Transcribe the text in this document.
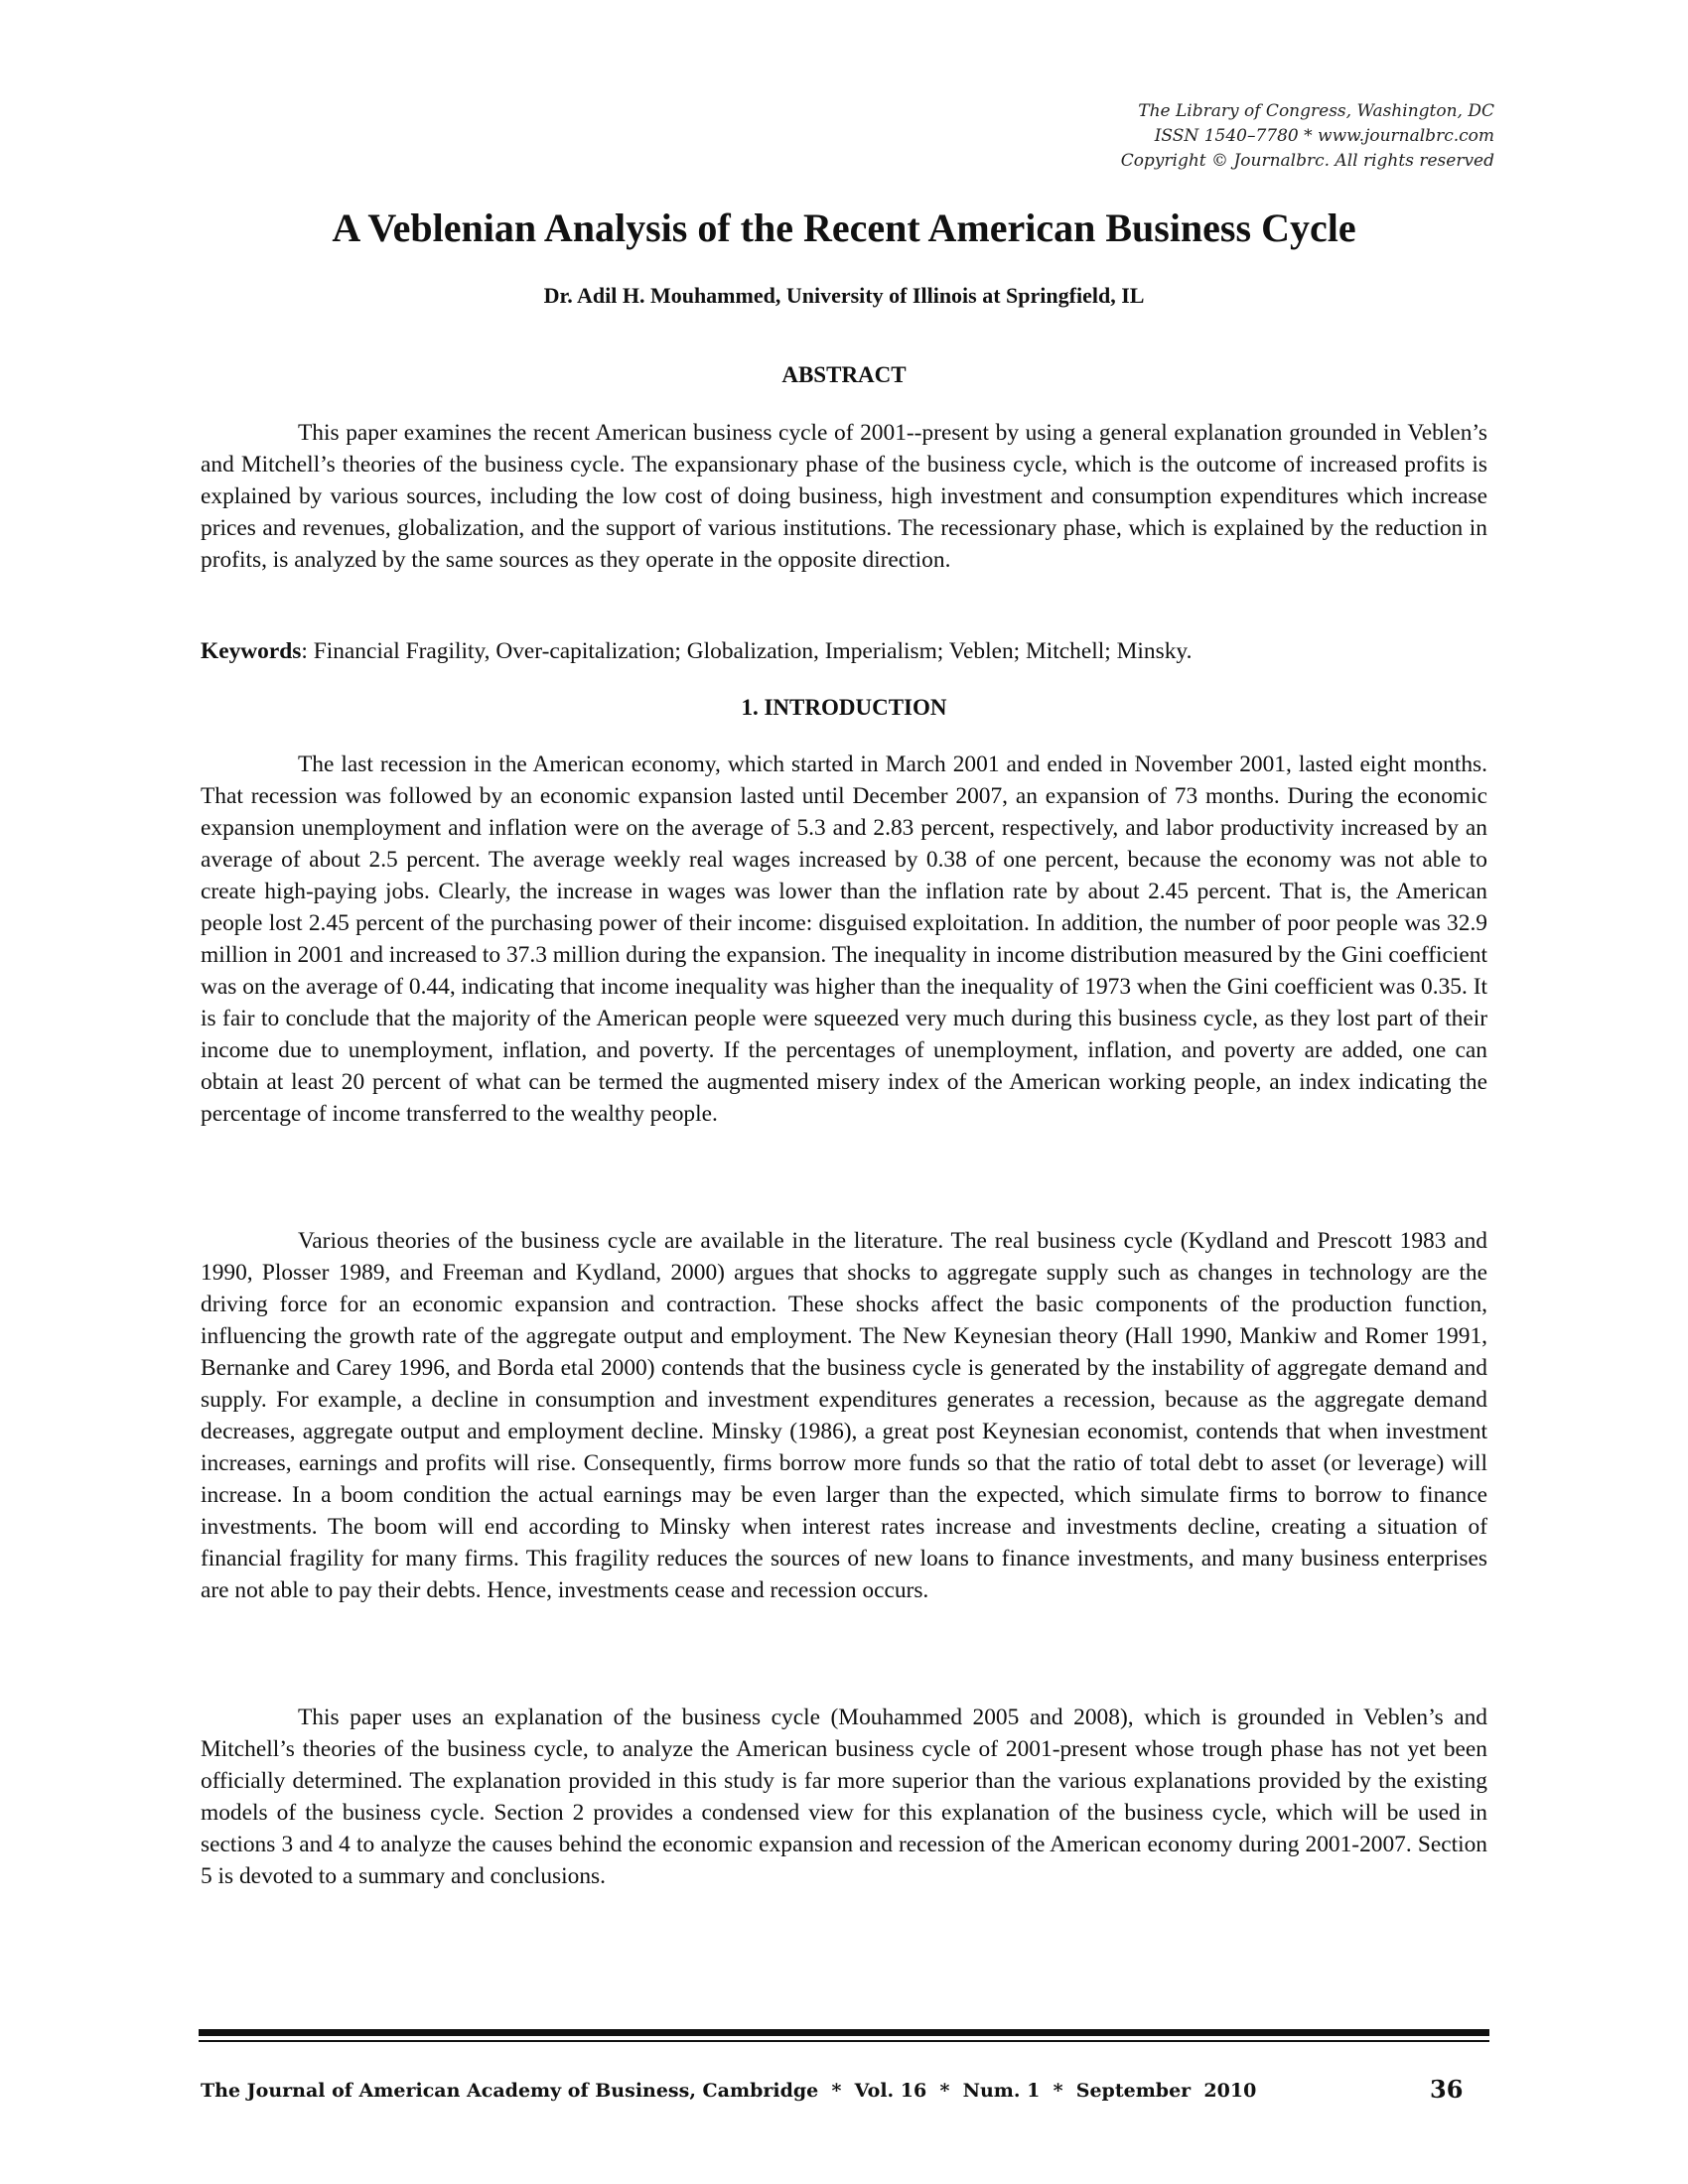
The Library of Congress, Washington, DC
ISSN 1540–7780 * www.journalbrc.com
Copyright © Journalbrc. All rights reserved
A Veblenian Analysis of the Recent American Business Cycle
Dr. Adil H. Mouhammed, University of Illinois at Springfield, IL
ABSTRACT

This paper examines the recent American business cycle of 2001--present by using a general explanation grounded in Veblen’s and Mitchell’s theories of the business cycle. The expansionary phase of the business cycle, which is the outcome of increased profits is explained by various sources, including the low cost of doing business, high investment and consumption expenditures which increase prices and revenues, globalization, and the support of various institutions. The recessionary phase, which is explained by the reduction in profits, is analyzed by the same sources as they operate in the opposite direction.

Keywords: Financial Fragility, Over-capitalization; Globalization, Imperialism; Veblen; Mitchell; Minsky.
1. INTRODUCTION

The last recession in the American economy, which started in March 2001 and ended in November 2001, lasted eight months. That recession was followed by an economic expansion lasted until December 2007, an expansion of 73 months. During the economic expansion unemployment and inflation were on the average of 5.3 and 2.83 percent, respectively, and labor productivity increased by an average of about 2.5 percent. The average weekly real wages increased by 0.38 of one percent, because the economy was not able to create high-paying jobs. Clearly, the increase in wages was lower than the inflation rate by about 2.45 percent. That is, the American people lost 2.45 percent of the purchasing power of their income: disguised exploitation. In addition, the number of poor people was 32.9 million in 2001 and increased to 37.3 million during the expansion. The inequality in income distribution measured by the Gini coefficient was on the average of 0.44, indicating that income inequality was higher than the inequality of 1973 when the Gini coefficient was 0.35. It is fair to conclude that the majority of the American people were squeezed very much during this business cycle, as they lost part of their income due to unemployment, inflation, and poverty. If the percentages of unemployment, inflation, and poverty are added, one can obtain at least 20 percent of what can be termed the augmented misery index of the American working people, an index indicating the percentage of income transferred to the wealthy people.

Various theories of the business cycle are available in the literature. The real business cycle (Kydland and Prescott 1983 and 1990, Plosser 1989, and Freeman and Kydland, 2000) argues that shocks to aggregate supply such as changes in technology are the driving force for an economic expansion and contraction. These shocks affect the basic components of the production function, influencing the growth rate of the aggregate output and employment. The New Keynesian theory (Hall 1990, Mankiw and Romer 1991, Bernanke and Carey 1996, and Borda etal 2000) contends that the business cycle is generated by the instability of aggregate demand and supply. For example, a decline in consumption and investment expenditures generates a recession, because as the aggregate demand decreases, aggregate output and employment decline. Minsky (1986), a great post Keynesian economist, contends that when investment increases, earnings and profits will rise. Consequently, firms borrow more funds so that the ratio of total debt to asset (or leverage) will increase. In a boom condition the actual earnings may be even larger than the expected, which simulate firms to borrow to finance investments. The boom will end according to Minsky when interest rates increase and investments decline, creating a situation of financial fragility for many firms. This fragility reduces the sources of new loans to finance investments, and many business enterprises are not able to pay their debts. Hence, investments cease and recession occurs.

This paper uses an explanation of the business cycle (Mouhammed 2005 and 2008), which is grounded in Veblen’s and Mitchell’s theories of the business cycle, to analyze the American business cycle of 2001-present whose trough phase has not yet been officially determined. The explanation provided in this study is far more superior than the various explanations provided by the existing models of the business cycle. Section 2 provides a condensed view for this explanation of the business cycle, which will be used in sections 3 and 4 to analyze the causes behind the economic expansion and recession of the American economy during 2001-2007. Section 5 is devoted to a summary and conclusions.

The Journal of American Academy of Business, Cambridge  *  Vol. 16  *  Num. 1  *  September  2010	36
